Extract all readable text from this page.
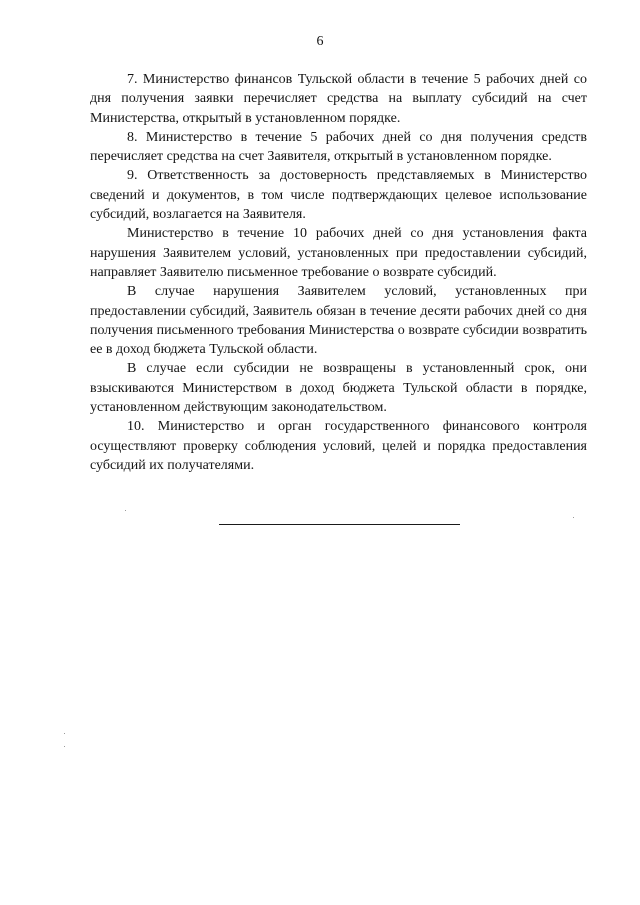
6

7. Министерство финансов Тульской области в течение 5 рабочих дней со дня получения заявки перечисляет средства на выплату субсидий на счет Министерства, открытый в установленном порядке.

8. Министерство в течение 5 рабочих дней со дня получения средств перечисляет средства на счет Заявителя, открытый в установленном порядке.

9. Ответственность за достоверность представляемых в Министерство сведений и документов, в том числе подтверждающих целевое использование субсидий, возлагается на Заявителя.

Министерство в течение 10 рабочих дней со дня установления факта нарушения Заявителем условий, установленных при предоставлении субсидий, направляет Заявителю письменное требование о возврате субсидий.

В случае нарушения Заявителем условий, установленных при предоставлении субсидий, Заявитель обязан в течение десяти рабочих дней со дня получения письменного требования Министерства о возврате субсидии возвратить ее в доход бюджета Тульской области.

В случае если субсидии не возвращены в установленный срок, они взыскиваются Министерством в доход бюджета Тульской области в порядке, установленном действующим законодательством.

10. Министерство и орган государственного финансового контроля осуществляют проверку соблюдения условий, целей и порядка предоставления субсидий их получателями.
